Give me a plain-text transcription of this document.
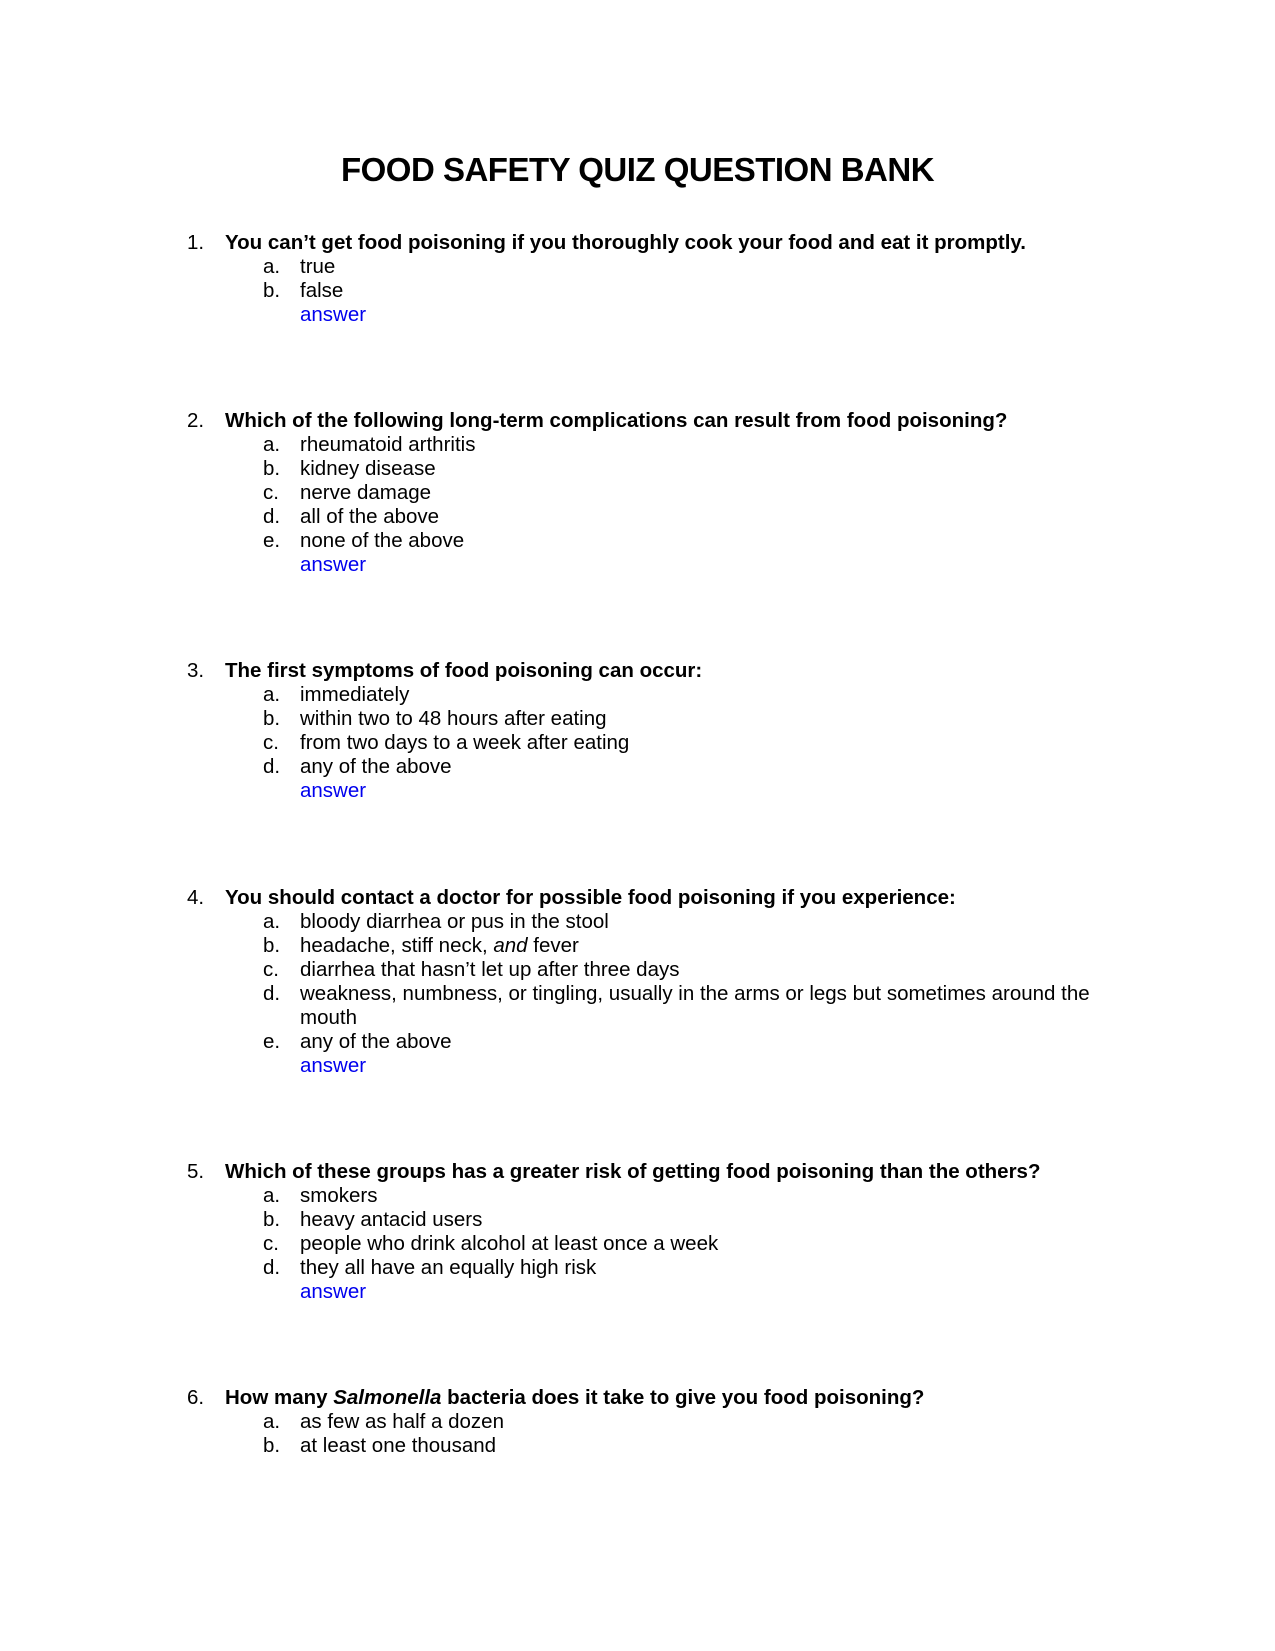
FOOD SAFETY QUIZ QUESTION BANK
1. You can’t get food poisoning if you thoroughly cook your food and eat it promptly.
a. true
b. false
answer
2. Which of the following long-term complications can result from food poisoning?
a. rheumatoid arthritis
b. kidney disease
c. nerve damage
d. all of the above
e. none of the above
answer
3. The first symptoms of food poisoning can occur:
a. immediately
b. within two to 48 hours after eating
c. from two days to a week after eating
d. any of the above
answer
4. You should contact a doctor for possible food poisoning if you experience:
a. bloody diarrhea or pus in the stool
b. headache, stiff neck, and fever
c. diarrhea that hasn’t let up after three days
d. weakness, numbness, or tingling, usually in the arms or legs but sometimes around the mouth
e. any of the above
answer
5. Which of these groups has a greater risk of getting food poisoning than the others?
a. smokers
b. heavy antacid users
c. people who drink alcohol at least once a week
d. they all have an equally high risk
answer
6. How many Salmonella bacteria does it take to give you food poisoning?
a. as few as half a dozen
b. at least one thousand
